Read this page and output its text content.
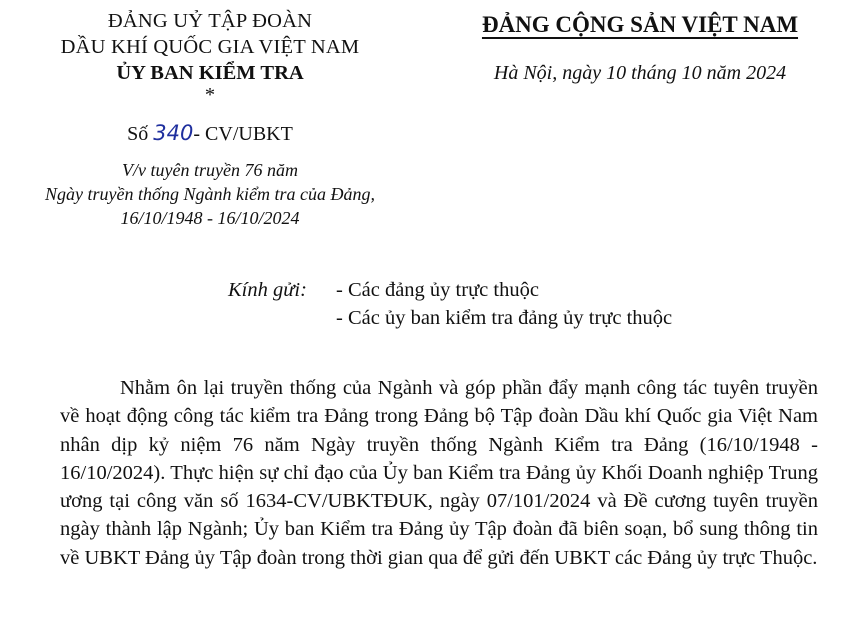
ĐẢNG UỶ TẬP ĐOÀN
DẦU KHÍ QUỐC GIA VIỆT NAM
ỦY BAN KIỂM TRA
*
ĐẢNG CỘNG SẢN VIỆT NAM
Hà Nội, ngày 10 tháng 10 năm 2024
Số 340- CV/UBKT
V/v tuyên truyền 76 năm
Ngày truyền thống Ngành kiểm tra của Đảng,
16/10/1948 - 16/10/2024
Kính gửi: - Các đảng ủy trực thuộc
- Các ủy ban kiểm tra đảng ủy trực thuộc
Nhằm ôn lại truyền thống của Ngành và góp phần đẩy mạnh công tác tuyên truyền về hoạt động công tác kiểm tra Đảng trong Đảng bộ Tập đoàn Dầu khí Quốc gia Việt Nam nhân dịp kỷ niệm 76 năm Ngày truyền thống Ngành Kiểm tra Đảng (16/10/1948 - 16/10/2024). Thực hiện sự chỉ đạo của Ủy ban Kiểm tra Đảng ủy Khối Doanh nghiệp Trung ương tại công văn số 1634-CV/UBKTĐUK, ngày 07/101/2024 và Đề cương tuyên truyền ngày thành lập Ngành; Ủy ban Kiểm tra Đảng ủy Tập đoàn đã biên soạn, bổ sung thông tin về UBKT Đảng ủy Tập đoàn trong thời gian qua để gửi đến UBKT các Đảng ủy trực Thuộc.
